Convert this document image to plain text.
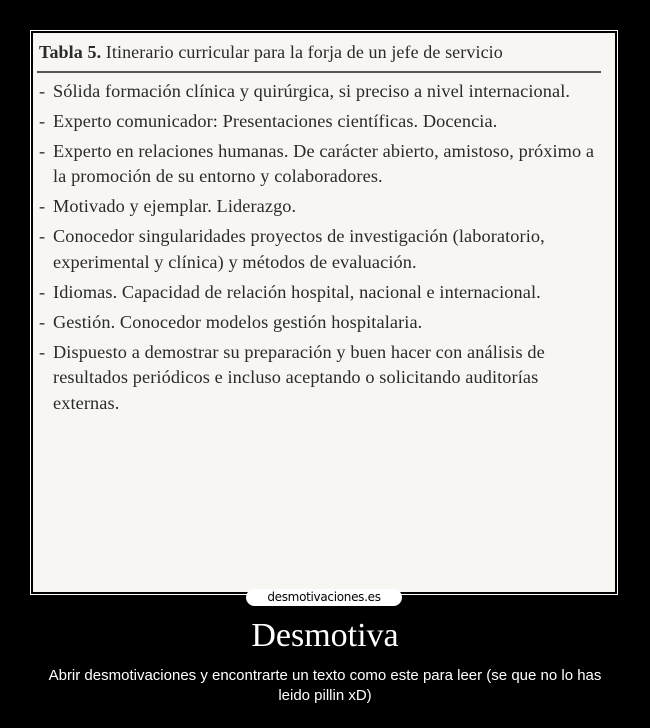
Tabla 5. Itinerario curricular para la forja de un jefe de servicio
- Sólida formación clínica y quirúrgica, si preciso a nivel internacional.
- Experto comunicador: Presentaciones científicas. Docencia.
- Experto en relaciones humanas. De carácter abierto, amistoso, próximo a la promoción de su entorno y colaboradores.
- Motivado y ejemplar. Liderazgo.
- Conocedor singularidades proyectos de investigación (laboratorio, experimental y clínica) y métodos de evaluación.
- Idiomas. Capacidad de relación hospital, nacional e internacional.
- Gestión. Conocedor modelos gestión hospitalaria.
- Dispuesto a demostrar su preparación y buen hacer con análisis de resultados periódicos e incluso aceptando o solicitando auditorías externas.
desmotivaciones.es
Desmotiva
Abrir desmotivaciones y encontrarte un texto como este para leer (se que no lo has leido pillin xD)
